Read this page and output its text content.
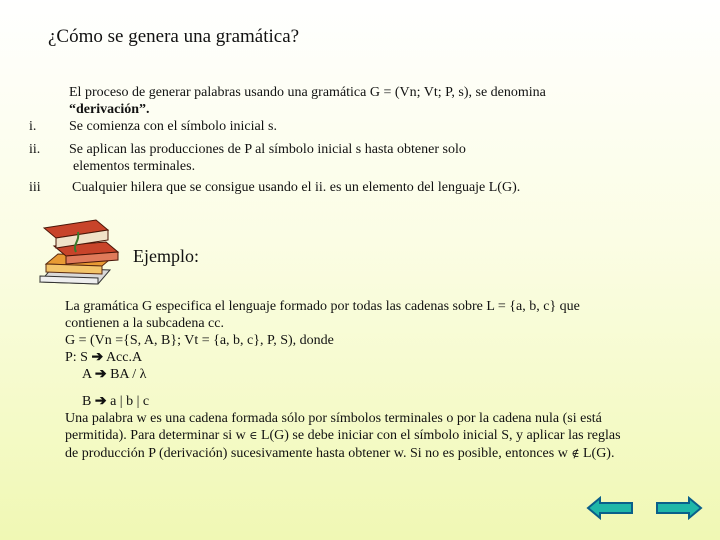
¿Cómo se genera una gramática?
El proceso de generar palabras usando una gramática G = (Vn; Vt; P, s), se denomina
“derivación”.
i. Se comienza con el símbolo inicial s.
ii. Se aplican las producciones de P al símbolo inicial s hasta obtener solo
elementos terminales.
iii Cualquier hilera que se consigue usando el ii. es un elemento del lenguaje L(G).
Ejemplo:
La gramática G especifica el lenguaje formado por todas las cadenas sobre L = {a, b, c} que
contienen a la subcadena cc.
G = (Vn ={S, A, B}; Vt = {a, b, c}, P, S), donde
P: S ➔ Acc.A
A ➔ BA / λ
B ➔ a | b | c
Una palabra w es una cadena formada sólo por símbolos terminales o por la cadena nula (si está
permitida). Para determinar si w ∈ L(G) se debe iniciar con el símbolo inicial S, y aplicar las reglas
de producción P (derivación) sucesivamente hasta obtener w. Si no es posible, entonces w ∉ L(G).
